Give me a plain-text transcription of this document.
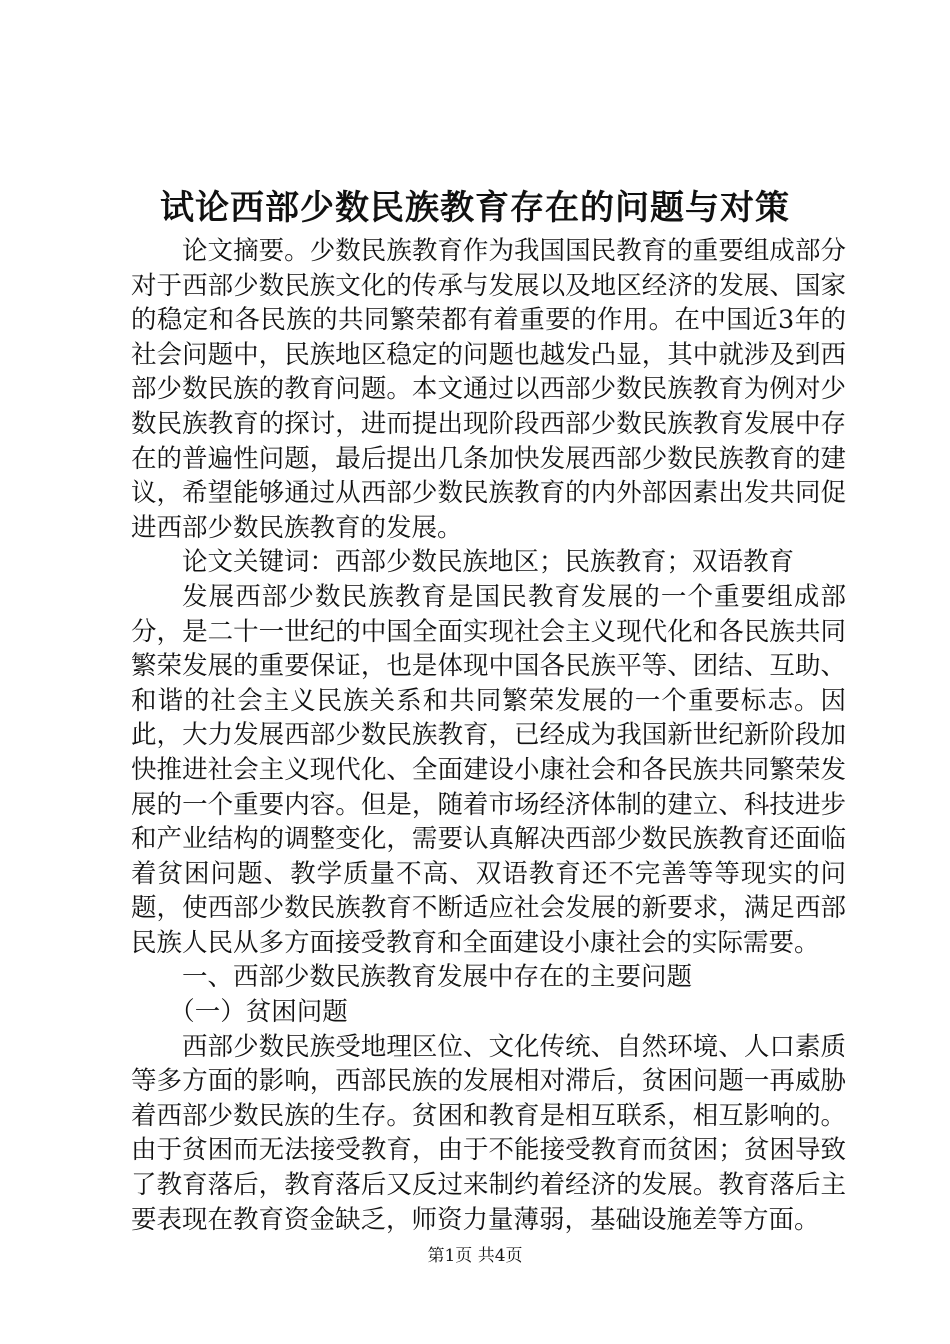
试论西部少数民族教育存在的问题与对策

论文摘要。少数民族教育作为我国国民教育的重要组成部分对于西部少数民族文化的传承与发展以及地区经济的发展、国家的稳定和各民族的共同繁荣都有着重要的作用。在中国近3年的社会问题中，民族地区稳定的问题也越发凸显，其中就涉及到西部少数民族的教育问题。本文通过以西部少数民族教育为例对少数民族教育的探讨，进而提出现阶段西部少数民族教育发展中存在的普遍性问题，最后提出几条加快发展西部少数民族教育的建议，希望能够通过从西部少数民族教育的内外部因素出发共同促进西部少数民族教育的发展。

论文关键词：西部少数民族地区；民族教育；双语教育

发展西部少数民族教育是国民教育发展的一个重要组成部分，是二十一世纪的中国全面实现社会主义现代化和各民族共同繁荣发展的重要保证，也是体现中国各民族平等、团结、互助、和谐的社会主义民族关系和共同繁荣发展的一个重要标志。因此，大力发展西部少数民族教育，已经成为我国新世纪新阶段加快推进社会主义现代化、全面建设小康社会和各民族共同繁荣发展的一个重要内容。但是，随着市场经济体制的建立、科技进步和产业结构的调整变化，需要认真解决西部少数民族教育还面临着贫困问题、教学质量不高、双语教育还不完善等等现实的问题，使西部少数民族教育不断适应社会发展的新要求，满足西部民族人民从多方面接受教育和全面建设小康社会的实际需要。

一、西部少数民族教育发展中存在的主要问题

（一）贫困问题

西部少数民族受地理区位、文化传统、自然环境、人口素质等多方面的影响，西部民族的发展相对滞后，贫困问题一再威胁着西部少数民族的生存。贫困和教育是相互联系，相互影响的。由于贫困而无法接受教育，由于不能接受教育而贫困；贫困导致了教育落后，教育落后又反过来制约着经济的发展。教育落后主要表现在教育资金缺乏，师资力量薄弱，基础设施差等方面。

第1页 共4页
